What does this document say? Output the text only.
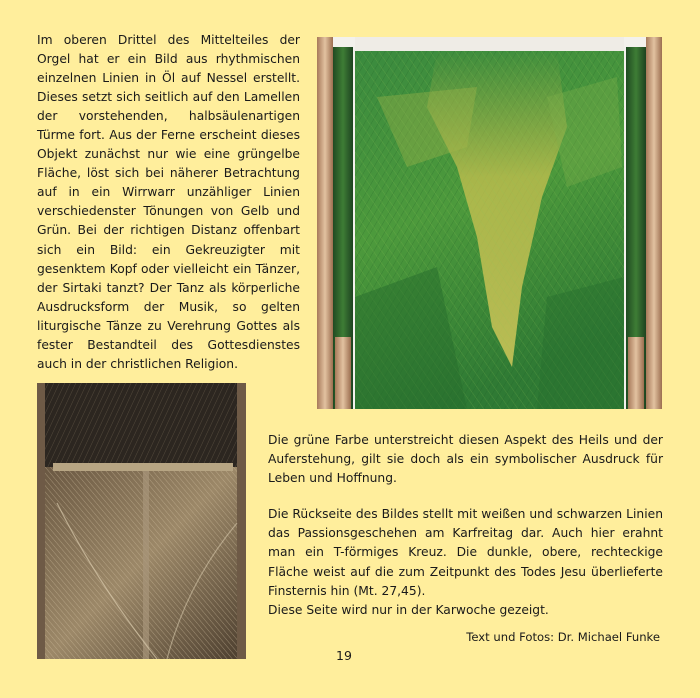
Im oberen Drittel des Mittelteiles der Orgel hat er ein Bild aus rhythmischen einzelnen Linien in Öl auf Nessel erstellt. Dieses setzt sich seitlich auf den Lamellen der vorstehenden, halbsäulenartigen Türme fort. Aus der Ferne erscheint dieses Objekt zunächst nur wie eine grüngelbe Fläche, löst sich bei näherer Betrachtung auf in ein Wirrwarr unzähliger Linien verschiedenster Tönungen von Gelb und Grün. Bei der richtigen Distanz offenbart sich ein Bild: ein Gekreuzigter mit gesenktem Kopf oder vielleicht ein Tänzer, der Sirtaki tanzt? Der Tanz als körperliche Ausdrucksform der Musik, so gelten liturgische Tänze zu Verehrung Gottes als fester Bestandteil des Gottesdienstes auch in der christlichen Religion.

Die grüne Farbe unterstreicht diesen Aspekt des Heils und der Auferstehung, gilt sie doch als ein symbolischer Ausdruck für Leben und Hoffnung.

Die Rückseite des Bildes stellt mit weißen und schwarzen Linien das Passionsgeschehen am Karfreitag dar. Auch hier erahnt man ein T-förmiges Kreuz. Die dunkle, obere, rechteckige Fläche weist auf die zum Zeitpunkt des Todes Jesu überlieferte Finsternis hin (Mt. 27,45).
Diese Seite wird nur in der Karwoche gezeigt.

Text und Fotos: Dr. Michael Funke

19
